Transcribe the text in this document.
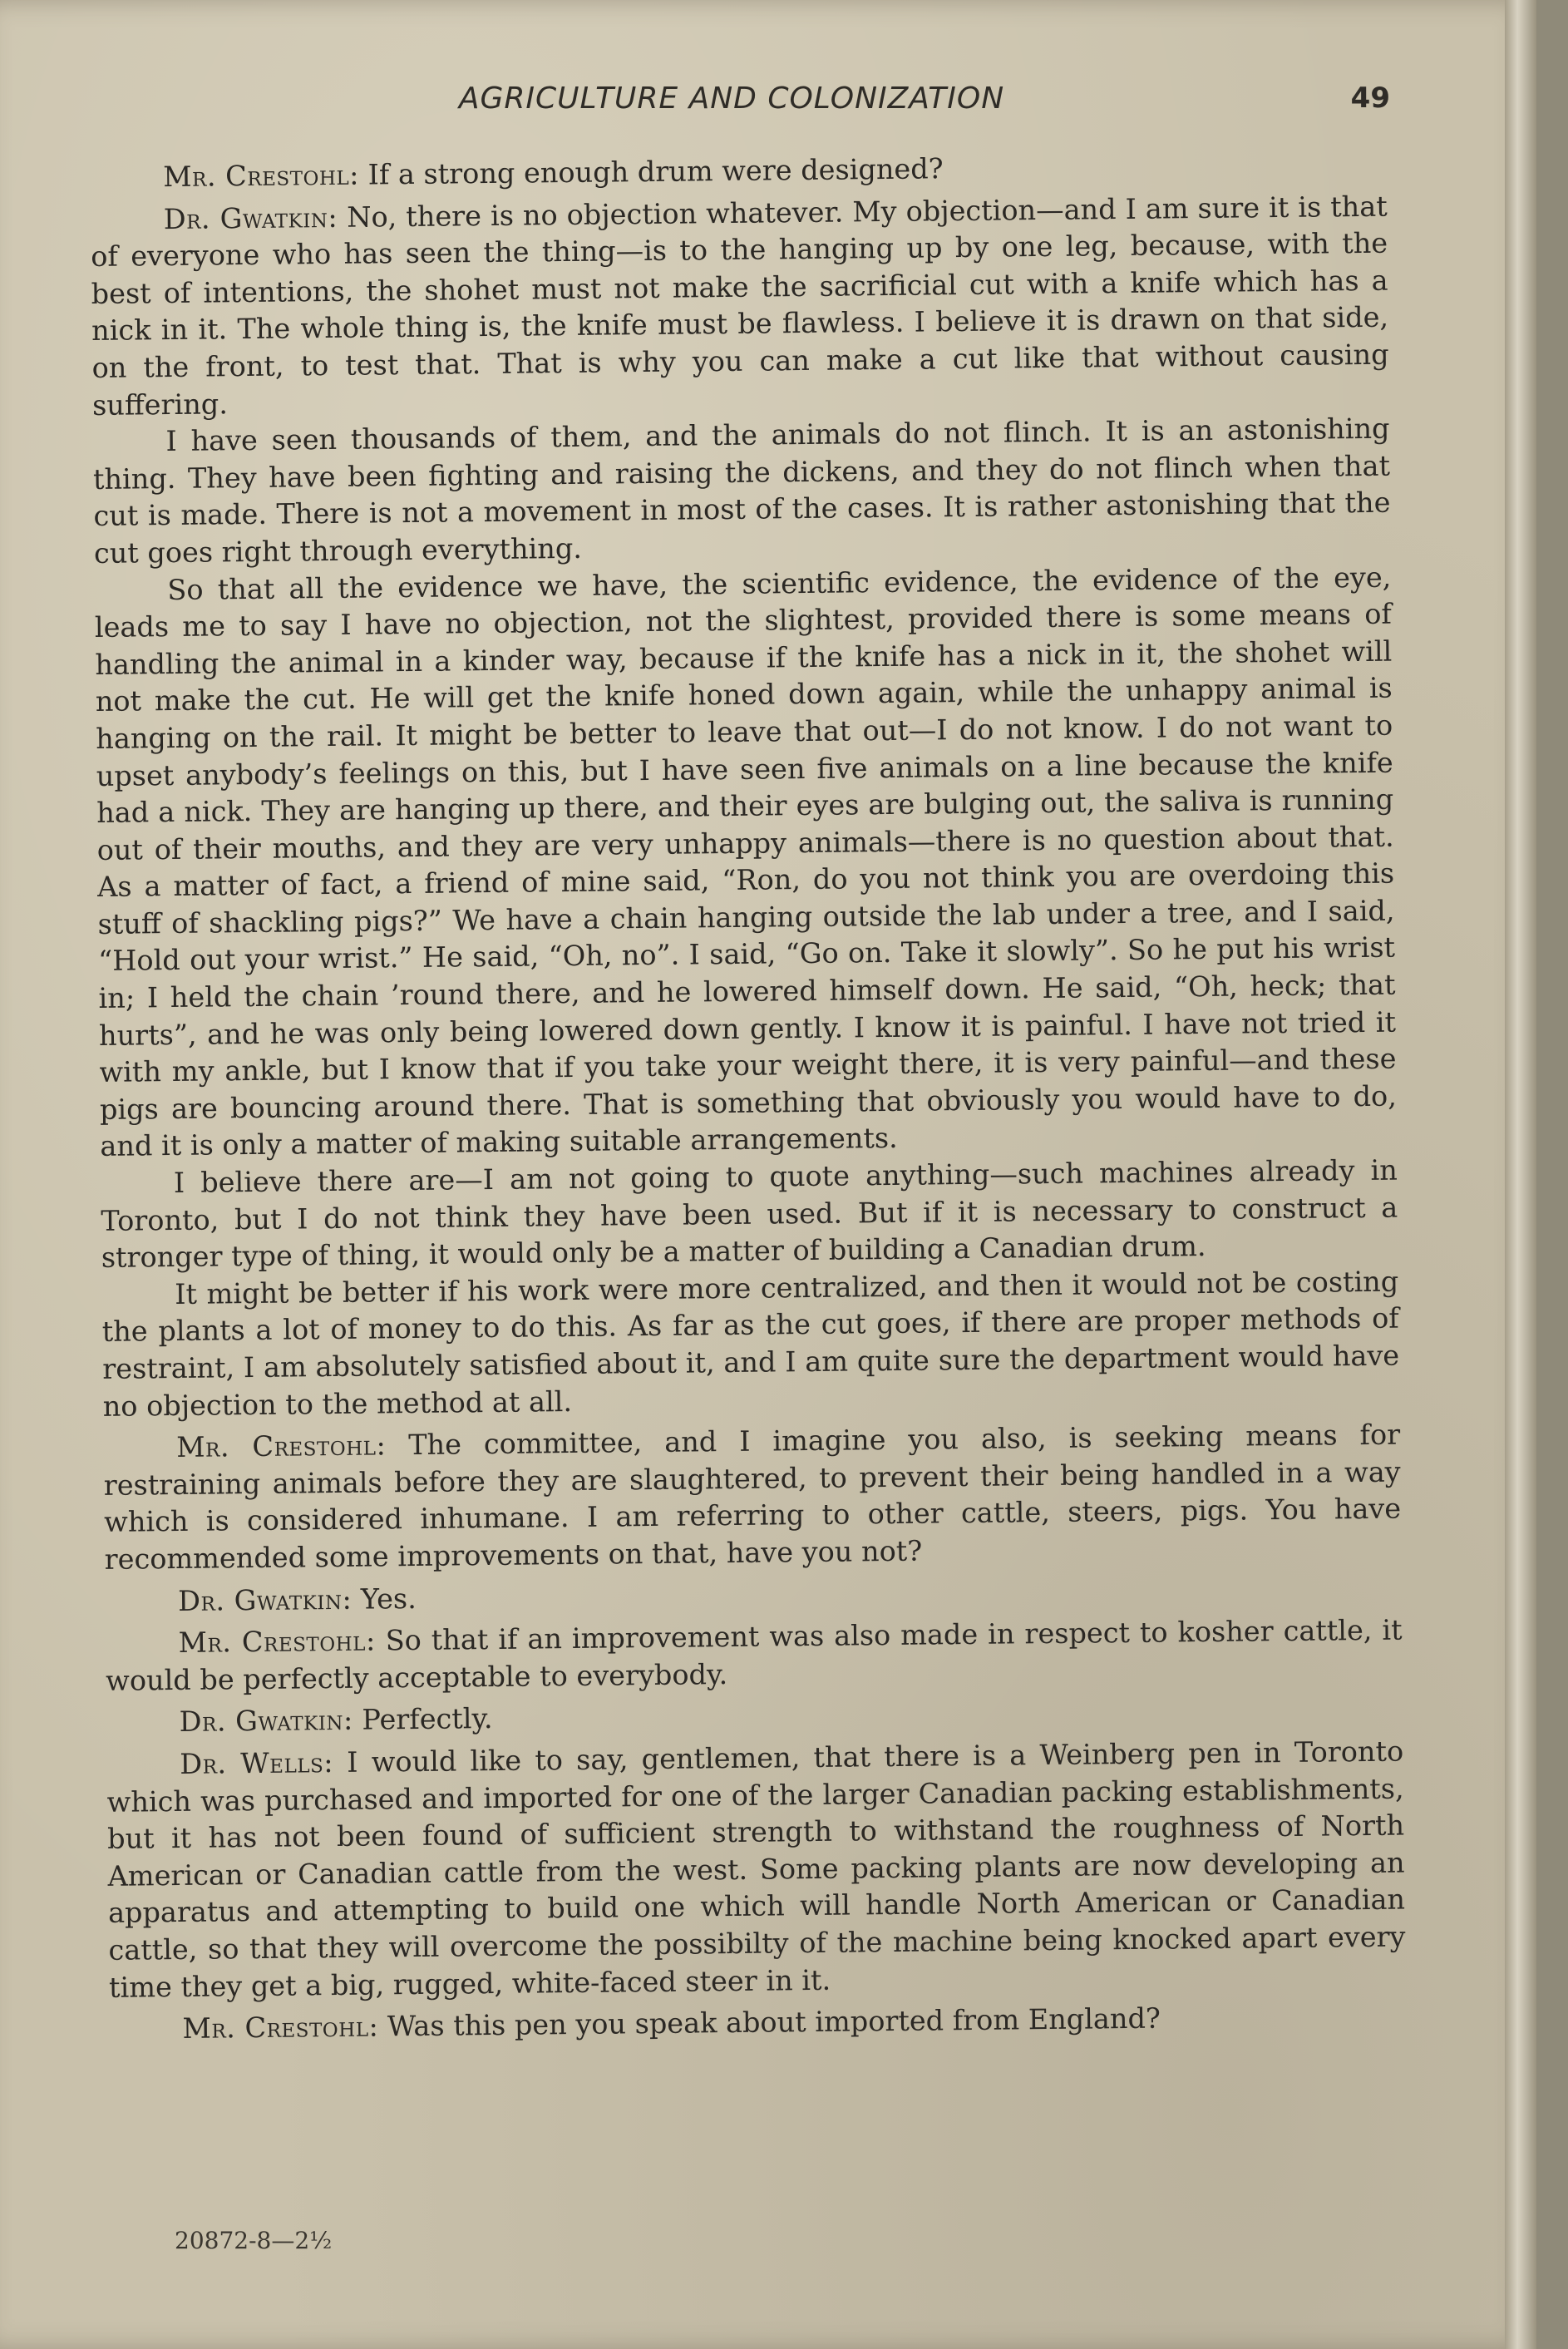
AGRICULTURE AND COLONIZATION	49

Mr. Crestohl: If a strong enough drum were designed?

Dr. Gwatkin: No, there is no objection whatever. My objection—and I am sure it is that of everyone who has seen the thing—is to the hanging up by one leg, because, with the best of intentions, the shohet must not make the sacrificial cut with a knife which has a nick in it. The whole thing is, the knife must be flawless. I believe it is drawn on that side, on the front, to test that. That is why you can make a cut like that without causing suffering.

I have seen thousands of them, and the animals do not flinch. It is an astonishing thing. They have been fighting and raising the dickens, and they do not flinch when that cut is made. There is not a movement in most of the cases. It is rather astonishing that the cut goes right through everything.

So that all the evidence we have, the scientific evidence, the evidence of the eye, leads me to say I have no objection, not the slightest, provided there is some means of handling the animal in a kinder way, because if the knife has a nick in it, the shohet will not make the cut. He will get the knife honed down again, while the unhappy animal is hanging on the rail. It might be better to leave that out—I do not know. I do not want to upset anybody’s feelings on this, but I have seen five animals on a line because the knife had a nick. They are hanging up there, and their eyes are bulging out, the saliva is running out of their mouths, and they are very unhappy animals—there is no question about that. As a matter of fact, a friend of mine said, “Ron, do you not think you are overdoing this stuff of shackling pigs?” We have a chain hanging outside the lab under a tree, and I said, “Hold out your wrist.” He said, “Oh, no”. I said, “Go on. Take it slowly”. So he put his wrist in; I held the chain ’round there, and he lowered himself down. He said, “Oh, heck; that hurts”, and he was only being lowered down gently. I know it is painful. I have not tried it with my ankle, but I know that if you take your weight there, it is very painful—and these pigs are bouncing around there. That is something that obviously you would have to do, and it is only a matter of making suitable arrangements.

I believe there are—I am not going to quote anything—such machines already in Toronto, but I do not think they have been used. But if it is necessary to construct a stronger type of thing, it would only be a matter of building a Canadian drum.

It might be better if his work were more centralized, and then it would not be costing the plants a lot of money to do this. As far as the cut goes, if there are proper methods of restraint, I am absolutely satisfied about it, and I am quite sure the department would have no objection to the method at all.

Mr. Crestohl: The committee, and I imagine you also, is seeking means for restraining animals before they are slaughtered, to prevent their being handled in a way which is considered inhumane. I am referring to other cattle, steers, pigs. You have recommended some improvements on that, have you not?

Dr. Gwatkin: Yes.

Mr. Crestohl: So that if an improvement was also made in respect to kosher cattle, it would be perfectly acceptable to everybody.

Dr. Gwatkin: Perfectly.

Dr. Wells: I would like to say, gentlemen, that there is a Weinberg pen in Toronto which was purchased and imported for one of the larger Canadian packing establishments, but it has not been found of sufficient strength to withstand the roughness of North American or Canadian cattle from the west. Some packing plants are now developing an apparatus and attempting to build one which will handle North American or Canadian cattle, so that they will overcome the possibilty of the machine being knocked apart every time they get a big, rugged, white-faced steer in it.

Mr. Crestohl: Was this pen you speak about imported from England?

20872-8—2½
